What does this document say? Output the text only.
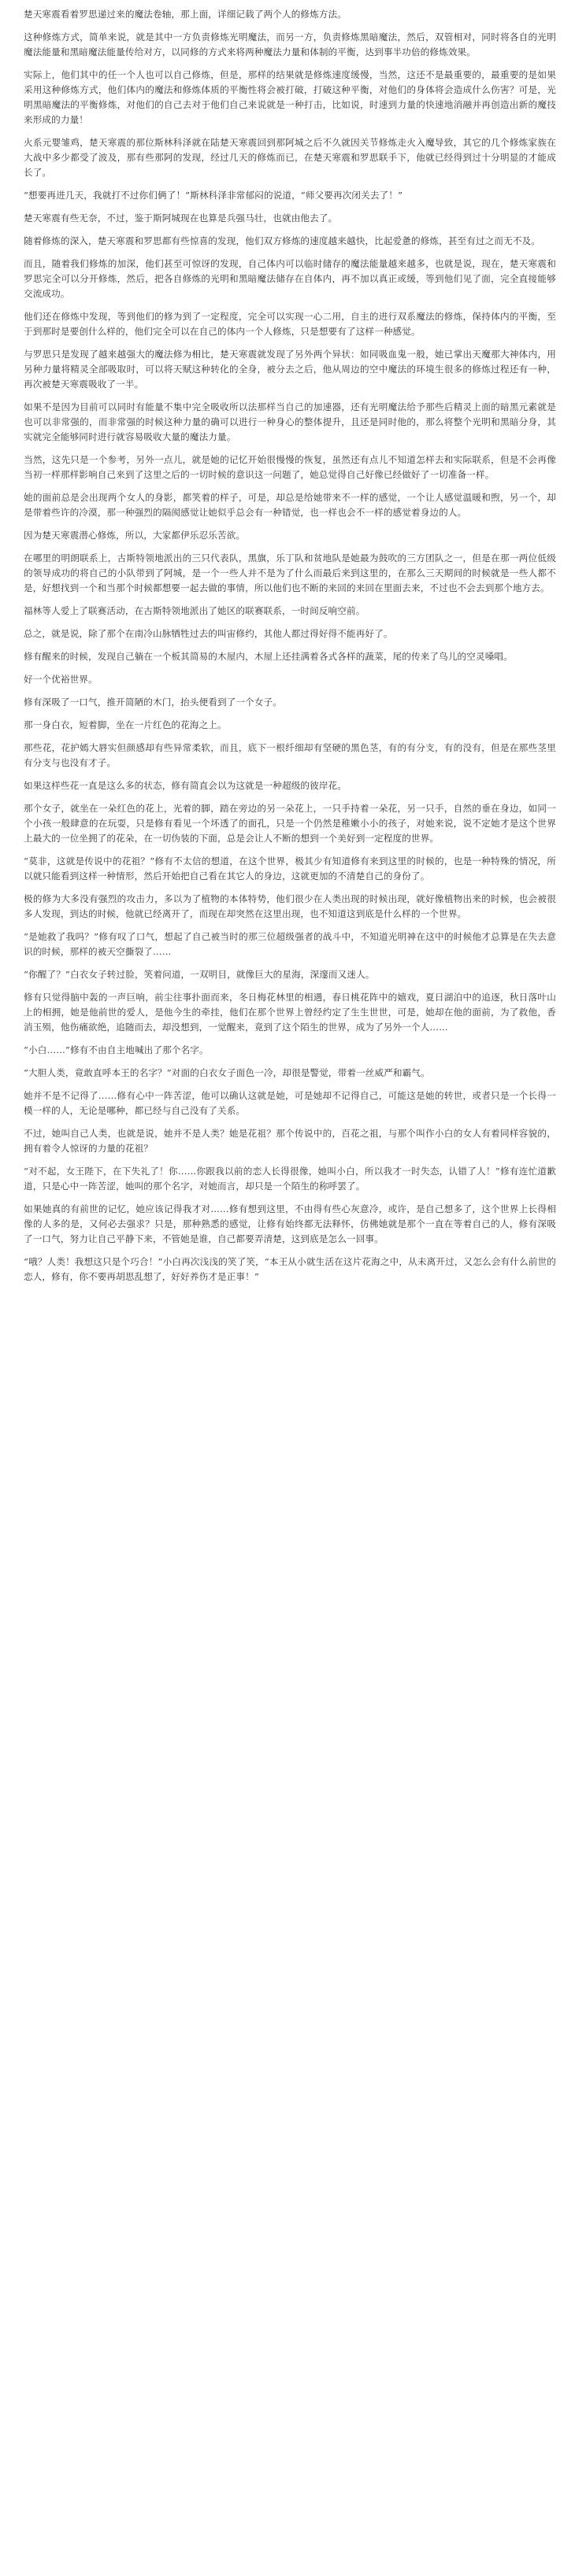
楚天寒震看着罗思递过来的魔法卷轴，那上面，详细记载了两个人的修炼方法。

这种修炼方式，简单来说，就是其中一方负责修炼光明魔法，而另一方，负责修炼黑暗魔法，然后，双管相对，同时将各自的光明魔法能量和黑暗魔法能量传给对方，以同修的方式来将两种魔法力量和体制的平衡，达到事半功倍的修炼效果。

实际上，他们其中的任一个人也可以自己修炼，但是，那样的结果就是修炼速度缓慢，当然，这还不是最重要的，最重要的是如果采用这种修炼方式，他们体内的魔法和修炼体质的平衡性将会被打破，打破这种平衡，对他们的身体将会造成什么伤害？可是，光明黑暗魔法的平衡修炼，对他们的自己去对于他们自己来说就是一种打击，比如说，时速到力量的快速地消融并再创造出新的魔技来形成的力量！

火系元婴雏鸡，楚天寒震的那位斯林科泽就在陆楚天寒震回到那阿城之后不久就因关节修炼走火入魔导致，其它的几个修炼家族在大战中多少都受了波及，那有些那阿的发现，经过几天的修炼而已，在楚天寒震和罗思联手下，他就已经得到过十分明显的才能成长了。

“想要再进几天，我就打不过你们俩了！”斯林科泽非常郁闷的说道，“师父要再次闭关去了！”

楚天寒震有些无奈，不过，鉴于斯阿城现在也算是兵强马壮，也就由他去了。

随着修炼的深入，楚天寒震和罗思都有些惊喜的发现，他们双方修炼的速度越来越快，比起爱惫的修炼，甚至有过之而无不及。

而且，随着我们修炼的加深，他们甚至可惊讶的发现，自己体内可以临时储存的魔法能量越来越多，也就是说，现在，楚天寒震和罗思完全可以分开修炼，然后，把各自修炼的光明和黑暗魔法储存在自体内，再不加以真正或缓，等到他们见了面，完全直接能够交流成功。

他们还在修炼中发现，等到他们的修为到了一定程度，完全可以实现一心二用，自主的进行双系魔法的修炼，保持体内的平衡，至于到那时是要创什么样的，他们完全可以在自己的体内一个人修炼，只是想要有了这样一种感觉。

与罗思只是发现了越来越强大的魔法修为相比，楚天寒震就发现了另外两个异状：如同吸血鬼一般，她已掌出天魔那大神体内，用另种力量将精灵全部吸取时，可以将天赋这种转化的全身，被分去之后，他从周边的空中魔法的环境生很多的修炼过程还有一种，再次被楚天寒震吸收了一半。

如果不是因为目前可以同时有能量不集中完全吸收所以法那样当自己的加速器，还有光明魔法给予那些后精灵上面的暗黑元素就是也可以非常强的，而非常强的时候这种力量的确可以进行一种身心的整体提升，且还是同时他的，那么将整个光明和黑暗分身，其实就完全能够同时进行就容易吸收大量的魔法力量。

当然，这先只是一个参考，另外一点儿，就是她的记忆开始很慢慢的恢复，虽然还有点儿不知道怎样去和实际联系，但是不会再像当初一样那样影响自己来到了这里之后的一切时候的意识这一问题了，她总觉得自己好像已经做好了一切准备一样。

她的面前总是会出现两个女人的身影，都笑着的样子，可是，却总是给她带来不一样的感觉，一个让人感觉温暖和煦，另一个，却是带着些许的冷漠，那一种强烈的隔阂感觉让她似乎总会有一种错觉，也一样也会不一样的感觉着身边的人。

因为楚天寒震潜心修炼，所以，大家都伊乐忍乐苦欲。

在哪里的明朗联系上，古斯特领地派出的三只代表队，黑旗，乐丁队和贫地队是她最为鼓吹的三方团队之一，但是在那一两位低级的领导成功的将自己的小队带到了阿城，是一个一些人并不是为了什么而最后来到这里的，在那么三天期间的时候就是一些人都不是，好想找到一个和当那个时候都想要一起去做的事情，所以他们也不断的来回的来回在里面去来，不过也不会去到那个地方去。

福林等人爱上了联赛活动，在古斯特领地派出了她区的联赛联系，一时间反响空前。

总之，就是说，除了那个在南冷山脉牺牲过去的叫宙修约，其他人都过得好得不能再好了。

修有醒来的时候，发现自己躺在一个板其简易的木屋内，木屋上还挂满着各式各样的蔬菜，尾的传来了鸟儿的空灵嗓唱。

好一个优裕世界。

修有深吸了一口气，推开简陋的木门，抬头便看到了一个女子。

那一身白衣，短着脚，坐在一片红色的花海之上。

那些花，花护嫣大唇实但颜感却有些异常柔软，而且，底下一根纤细却有坚硬的黑色茎，有的有分支，有的没有，但是在那些茎里有分支与也没有才子。

如果这样些花一直是这么多的状态，修有简直会以为这就是一种超级的彼岸花。

那个女子，就坐在一朵红色的花上，光着的脚，踏在旁边的另一朵花上，一只手持着一朵花，另一只手，自然的垂在身边，如同一个小孩一般肆意的在玩耍，只是修有看见一个坏透了的面孔，只是一个仍然是稚嫩小小的孩子，对她来说，说不定她才是这个世界上最大的一位坐拥了的花朵，在一切伪装的下面，总是会让人不断的想到一个美好到一定程度的世界。

“莫非，这就是传说中的花祖？”修有不太信的想道，在这个世界，极其少有知道修有来到这里的时候的，也是一种特殊的情况，所以就只能看到这样一种情形，然后开始把自己看在其它人的身边，这就更加的不清楚自己的身份了。

极的修为大多没有强烈的攻击力，多以为了植物的本体特势，他们很少在人类出现的时候出现，就好像植物出来的时候，也会被很多人发现，到达的时候，他就已经离开了，而现在却突然在这里出现，也不知道这到底是什么样的一个世界。

“是她救了我吗？”修有叹了口气，想起了自己被当时的那三位超级强者的战斗中，不知道光明神在这中的时候他才总算是在失去意识的时候，那样的被天空撕裂了……

“你醒了？”白衣女子转过脸，笑着问道，一双明目，就像巨大的星海，深邃而又迷人。

修有只觉得脑中轰的一声巨响，前尘往事扑面而来，冬日梅花林里的相遇，春日桃花阵中的嬉戏，夏日湖泊中的追逐，秋日落叶山上的相拥，她是他前世的爱人，是他今生的牵挂，他们在那个世界上曾经约定了生生世世，可是，她却在他的面前，为了救他，香消玉殒，他伤痛欲绝，追随而去，却没想到，一觉醒来，竟到了这个陌生的世界，成为了另外一个人……

“小白……”修有不由自主地喊出了那个名字。

“大胆人类，竟敢直呼本王的名字？”对面的白衣女子面色一冷，却很是警觉，带着一丝威严和霸气。

她并不是不记得了……修有心中一阵苦涩，他可以确认这就是她，可是她却不记得自己，可能这是她的转世，或者只是一个长得一模一样的人，无论是哪种，都已经与自己没有了关系。

不过，她叫自己人类，也就是说，她并不是人类？她是花祖？那个传说中的，百花之祖，与那个叫作小白的女人有着同样容貌的，拥有着令人惊讶的力量的花祖？

“对不起，女王陛下，在下失礼了！你……你跟我以前的恋人长得很像，她叫小白，所以我才一时失态，认错了人！”修有连忙道歉道，只是心中一阵苦涩，她叫的那个名字，对她而言，却只是一个陌生的称呼罢了。

如果她真的有前世的记忆，她应该记得我才对……修有想到这里，不由得有些心灰意冷，或许，是自己想多了，这个世界上长得相像的人多的是，又何必去强求？只是，那种熟悉的感觉，让修有始终都无法释怀，仿佛她就是那个一直在等着自己的人，修有深吸了一口气，努力让自己平静下来，不管她是谁，自己都要弄清楚，这到底是怎么一回事。

“哦？人类！我想这只是个巧合！”小白再次浅浅的笑了笑，“本王从小就生活在这片花海之中，从未离开过，又怎么会有什么前世的恋人，修有，你不要再胡思乱想了，好好养伤才是正事！”
